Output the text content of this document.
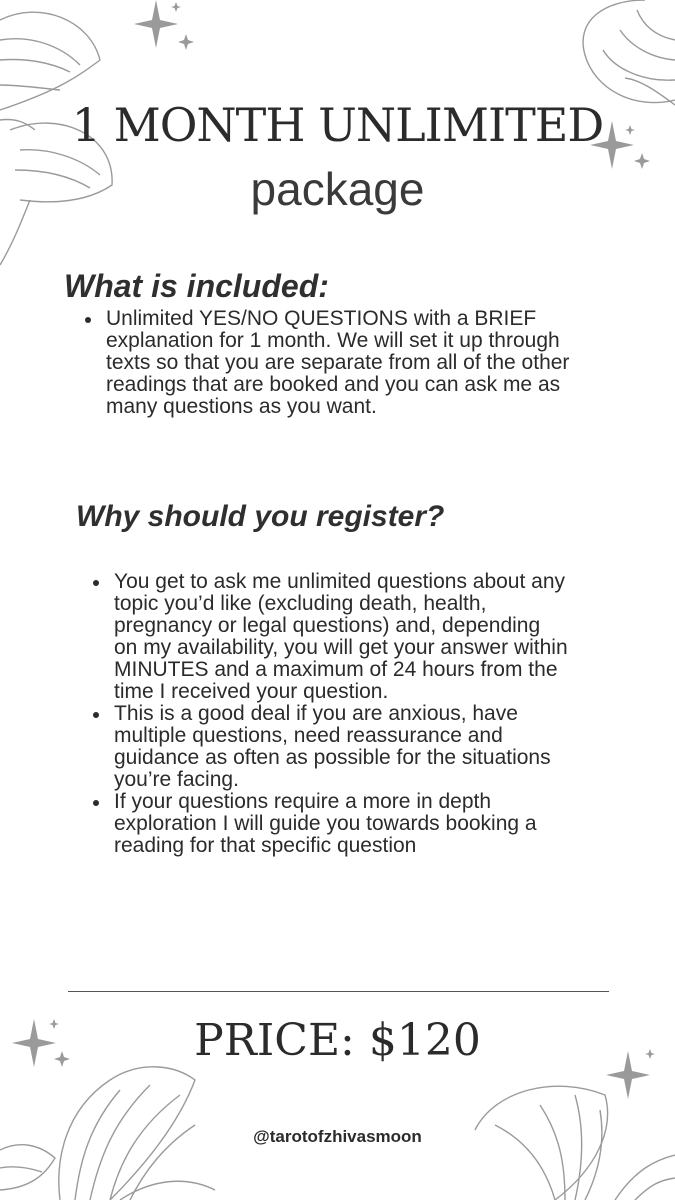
1 MONTH UNLIMITED
package
What is included:
Unlimited YES/NO QUESTIONS with a BRIEF explanation for 1 month. We will set it up through texts so that you are separate from all of the other readings that are booked and you can ask me as many questions as you want.
Why should you register?
You get to ask me unlimited questions about any topic you’d like (excluding death, health, pregnancy or legal questions) and, depending on my availability, you will get your answer within MINUTES and a maximum of 24 hours from the time I received your question.
This is a good deal if you are anxious, have multiple questions, need reassurance and guidance as often as possible for the situations you’re facing.
If your questions require a more in depth exploration I will guide you towards booking a reading for that specific question
PRICE: $120
@tarotofzhivasmoon
